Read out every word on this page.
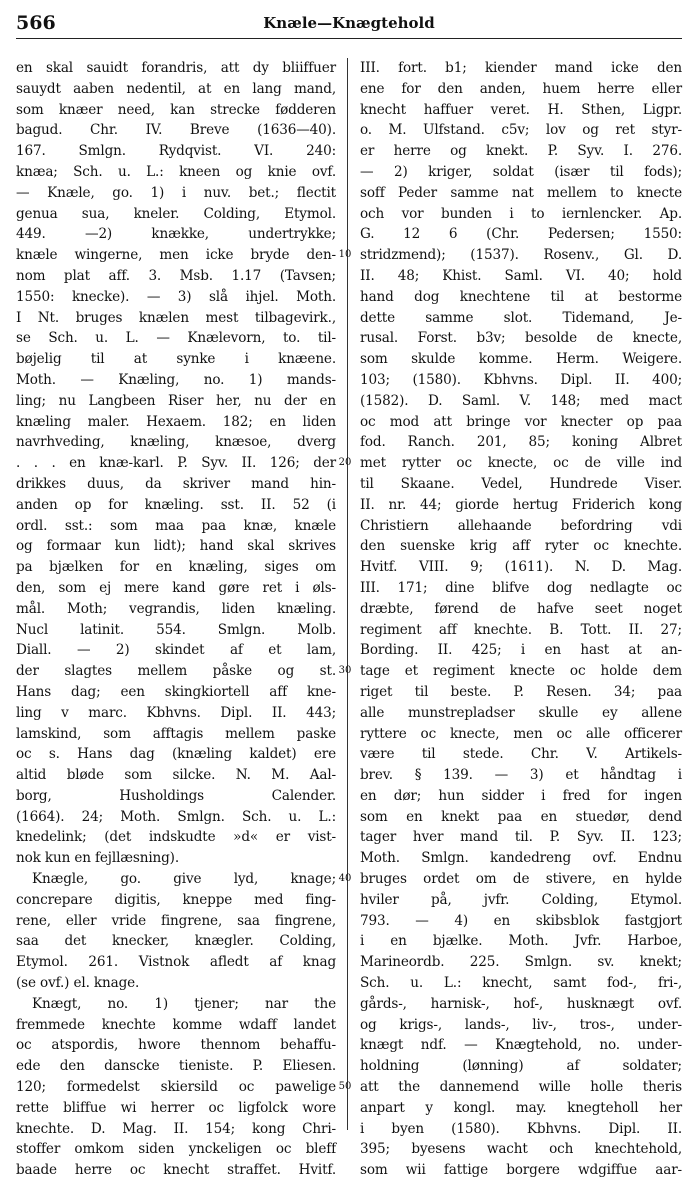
566	Knæle—Knægtehold
en skal sauidt forandris, att dy bliiffuer
sauydt aaben nedentil, at en lang mand,
som knæer need, kan strecke fødderen
bagud. Chr. IV. Breve (1636—40).
167. Smlgn. Rydqvist. VI. 240:
knæa; Sch. u. L.: kneen og knie ovf.
— Knæle, go. 1) i nuv. bet.; flectit
genua sua, kneler. Colding, Etymol.
449. —2) knække, undertrykke;
knæle wingerne, men icke bryde den-
nom plat aff. 3. Msb. 1.17 (Tavsen;
1550: knecke). — 3) slå ihjel. Moth.
I Nt. bruges knælen mest tilbagevirk.,
se Sch. u. L. — Knælevorn, to. til-
bøjelig til at synke i knæene.
Moth. — Knæling, no. 1) mands-
ling; nu Langbeen Riser her, nu der en
knæling maler. Hexaem. 182; en liden
navrhveding, knæling, knæsoe, dverg
. . . en knæ-karl. P. Syv. II. 126; der
drikkes duus, da skriver mand hin-
anden op for knæling. sst. II. 52 (i
ordl. sst.: som maa paa knæ, knæle
og formaar kun lidt); hand skal skrives
pa bjælken for en knæling, siges om
den, som ej mere kand gøre ret i øls-
mål. Moth; vegrandis, liden knæling.
Nucl latinit. 554. Smlgn. Molb.
Diall. — 2) skindet af et lam,
der slagtes mellem påske og st.
Hans dag; een skingkiortell aff kne-
ling v marc. Kbhvns. Dipl. II. 443;
lamskind, som afftagis mellem paske
oc s. Hans dag (knæling kaldet) ere
altid bløde som silcke. N. M. Aal-
borg, Husholdings Calender.
(1664). 24; Moth. Smlgn. Sch. u. L.:
knedelink; (det indskudte »d« er vist-
nok kun en fejllæsning).
Knægle, go. give lyd, knage;
concrepare digitis, kneppe med fing-
rene, eller vride fingrene, saa fingrene,
saa det knecker, knægler. Colding,
Etymol. 261. Vistnok afledt af knag
(se ovf.) el. knage.
Knægt, no. 1) tjener; nar the
fremmede knechte komme wdaff landet
oc atspordis, hwore thennom behaffu-
ede den danscke tieniste. P. Eliesen.
120; formedelst skiersild oc pawelige
rette bliffue wi herrer oc ligfolck wore
knechte. D. Mag. II. 154; kong Chri-
stoffer omkom siden ynckeligen oc bleff
baade herre oc knecht straffet. Hvitf.
10
20
30
40
50
III. fort. b1; kiender mand icke den
ene for den anden, huem herre eller
knecht haffuer veret. H. Sthen, Ligpr.
o. M. Ulfstand. c5v; lov og ret styr-
er herre og knekt. P. Syv. I. 276.
— 2) kriger, soldat (især til fods);
soff Peder samme nat mellem to knecte
och vor bunden i to iernlencker. Ap.
G. 12 6 (Chr. Pedersen; 1550:
stridzmend); (1537). Rosenv., Gl. D.
II. 48; Khist. Saml. VI. 40; hold
hand dog knechtene til at bestorme
dette samme slot. Tidemand, Je-
rusal. Forst. b3v; besolde de knecte,
som skulde komme. Herm. Weigere.
103; (1580). Kbhvns. Dipl. II. 400;
(1582). D. Saml. V. 148; med mact
oc mod att bringe vor knecter op paa
fod. Ranch. 201, 85; koning Albret
met rytter oc knecte, oc de ville ind
til Skaane. Vedel, Hundrede Viser.
II. nr. 44; giorde hertug Friderich kong
Christiern allehaande befordring vdi
den suenske krig aff ryter oc knechte.
Hvitf. VIII. 9; (1611). N. D. Mag.
III. 171; dine blifve dog nedlagte oc
dræbte, førend de hafve seet noget
regiment aff knechte. B. Tott. II. 27;
Bording. II. 425; i en hast at an-
tage et regiment knecte oc holde dem
riget til beste. P. Resen. 34; paa
alle munstrepladser skulle ey allene
ryttere oc knecte, men oc alle officerer
være til stede. Chr. V. Artikels-
brev. § 139. — 3) et håndtag i
en dør; hun sidder i fred for ingen
som en knekt paa en stuedør, dend
tager hver mand til. P. Syv. II. 123;
Moth. Smlgn. kandedreng ovf. Endnu
bruges ordet om de stivere, en hylde
hviler på, jvfr. Colding, Etymol.
793. — 4) en skibsblok fastgjort
i en bjælke. Moth. Jvfr. Harboe,
Marineordb. 225. Smlgn. sv. knekt;
Sch. u. L.: knecht, samt fod-, fri-,
gårds-, harnisk-, hof-, husknægt ovf.
og krigs-, lands-, liv-, tros-, under-
knægt ndf. — Knægtehold, no. under-
holdning (lønning) af soldater;
att the dannemend wille holle theris
anpart y kongl. may. knegteholl her
i byen (1580). Kbhvns. Dipl. II.
395; byesens wacht och knechtehold,
som wii fattige borgere wdgiffue aar-
